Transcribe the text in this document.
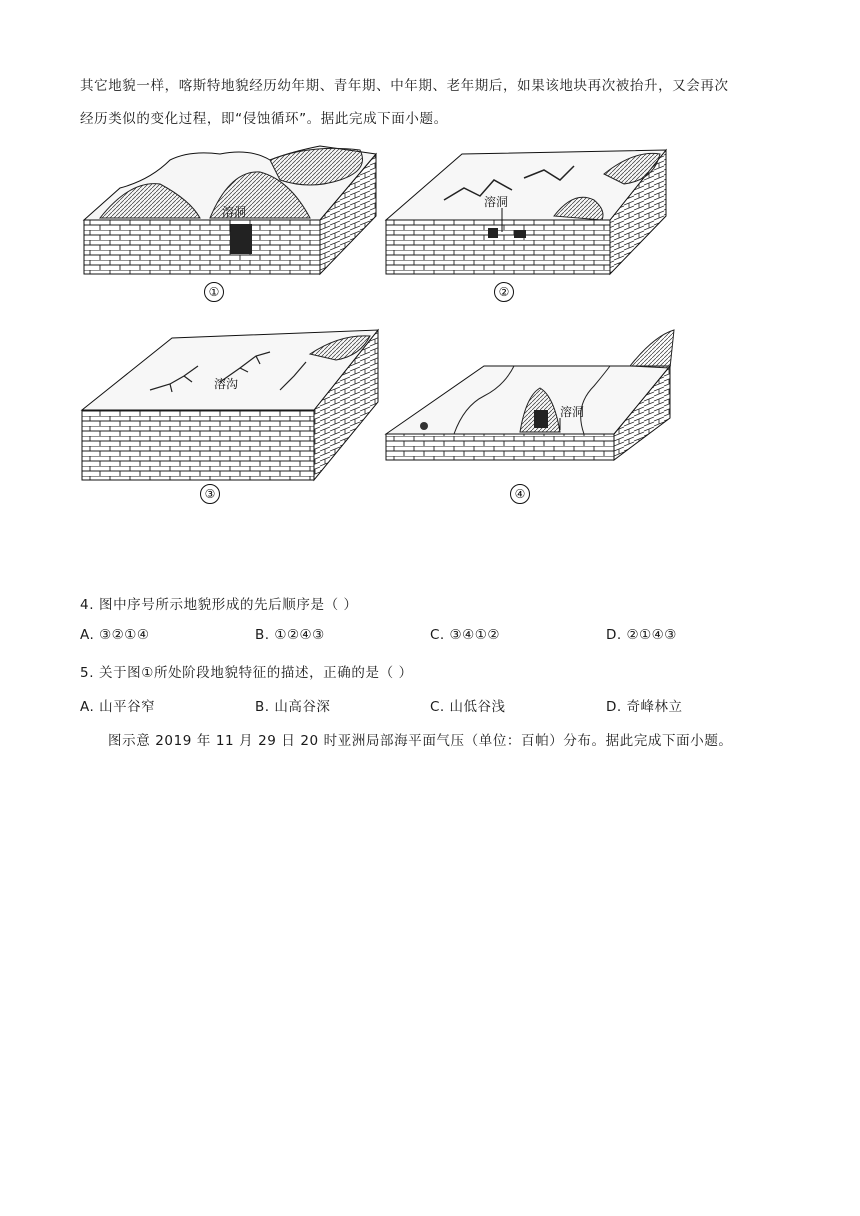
其它地貌一样，喀斯特地貌经历幼年期、青年期、中年期、老年期后，如果该地块再次被抬升，又会再次
经历类似的变化过程，即“侵蚀循环”。据此完成下面小题。
溶洞
①
溶洞
②
溶沟
③
溶洞
④
4. 图中序号所示地貌形成的先后顺序是（ ）
A. ③②①④	B. ①②④③	C. ③④①②	D. ②①④③
5. 关于图①所处阶段地貌特征的描述，正确的是（ ）
A. 山平谷窄	B. 山高谷深	C. 山低谷浅	D. 奇峰林立
图示意 2019 年 11 月 29 日 20 时亚洲局部海平面气压（单位：百帕）分布。据此完成下面小题。
